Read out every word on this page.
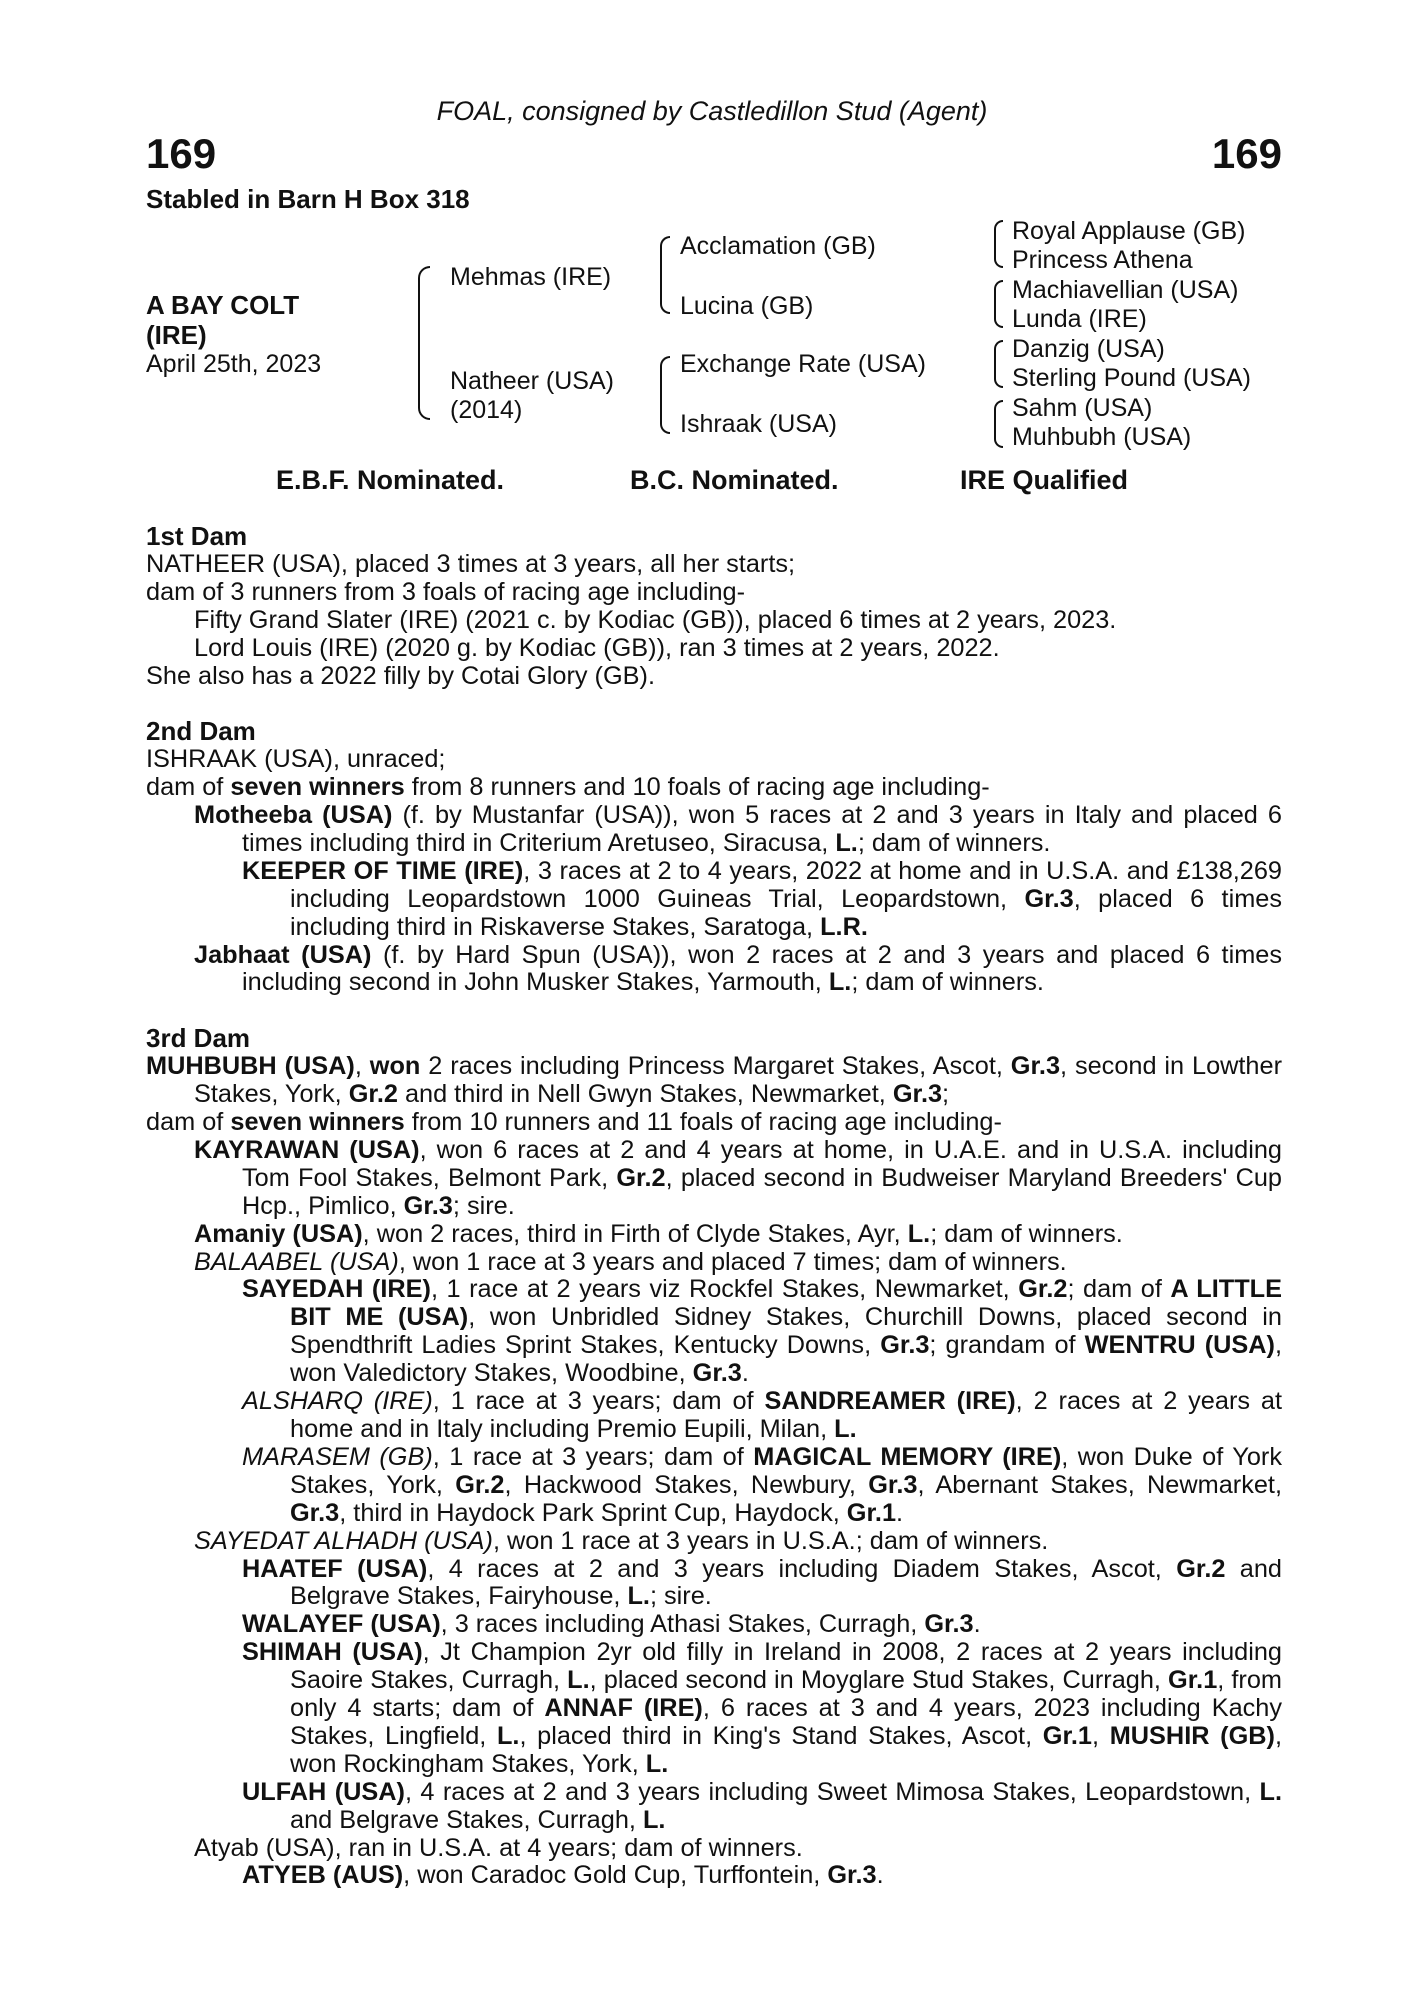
FOAL, consigned by Castledillon Stud (Agent)
169	169
Stabled in Barn H Box 318
A BAY COLT
(IRE)
April 25th, 2023
Mehmas (IRE)
Natheer (USA)
(2014)
Acclamation (GB)
Lucina (GB)
Exchange Rate (USA)
Ishraak (USA)
Royal Applause (GB)
Princess Athena
Machiavellian (USA)
Lunda (IRE)
Danzig (USA)
Sterling Pound (USA)
Sahm (USA)
Muhbubh (USA)
E.B.F. Nominated.	B.C. Nominated.	IRE Qualified

1st Dam

NATHEER (USA), placed 3 times at 3 years, all her starts;

dam of 3 runners from 3 foals of racing age including-

Fifty Grand Slater (IRE) (2021 c. by Kodiac (GB)), placed 6 times at 2 years, 2023.

Lord Louis (IRE) (2020 g. by Kodiac (GB)), ran 3 times at 2 years, 2022.

She also has a 2022 filly by Cotai Glory (GB).

2nd Dam

ISHRAAK (USA), unraced;

dam of seven winners from 8 runners and 10 foals of racing age including-

Motheeba (USA) (f. by Mustanfar (USA)), won 5 races at 2 and 3 years in Italy and placed 6 times including third in Criterium Aretuseo, Siracusa, L.; dam of winners.

KEEPER OF TIME (IRE), 3 races at 2 to 4 years, 2022 at home and in U.S.A. and £138,269 including Leopardstown 1000 Guineas Trial, Leopardstown, Gr.3, placed 6 times including third in Riskaverse Stakes, Saratoga, L.R.

Jabhaat (USA) (f. by Hard Spun (USA)), won 2 races at 2 and 3 years and placed 6 times including second in John Musker Stakes, Yarmouth, L.; dam of winners.

3rd Dam

MUHBUBH (USA), won 2 races including Princess Margaret Stakes, Ascot, Gr.3, second in Lowther Stakes, York, Gr.2 and third in Nell Gwyn Stakes, Newmarket, Gr.3;

dam of seven winners from 10 runners and 11 foals of racing age including-

KAYRAWAN (USA), won 6 races at 2 and 4 years at home, in U.A.E. and in U.S.A. including Tom Fool Stakes, Belmont Park, Gr.2, placed second in Budweiser Maryland Breeders' Cup Hcp., Pimlico, Gr.3; sire.

Amaniy (USA), won 2 races, third in Firth of Clyde Stakes, Ayr, L.; dam of winners.

BALAABEL (USA), won 1 race at 3 years and placed 7 times; dam of winners.

SAYEDAH (IRE), 1 race at 2 years viz Rockfel Stakes, Newmarket, Gr.2; dam of A LITTLE BIT ME (USA), won Unbridled Sidney Stakes, Churchill Downs, placed second in Spendthrift Ladies Sprint Stakes, Kentucky Downs, Gr.3; grandam of WENTRU (USA), won Valedictory Stakes, Woodbine, Gr.3.

ALSHARQ (IRE), 1 race at 3 years; dam of SANDREAMER (IRE), 2 races at 2 years at home and in Italy including Premio Eupili, Milan, L.

MARASEM (GB), 1 race at 3 years; dam of MAGICAL MEMORY (IRE), won Duke of York Stakes, York, Gr.2, Hackwood Stakes, Newbury, Gr.3, Abernant Stakes, Newmarket, Gr.3, third in Haydock Park Sprint Cup, Haydock, Gr.1.

SAYEDAT ALHADH (USA), won 1 race at 3 years in U.S.A.; dam of winners.

HAATEF (USA), 4 races at 2 and 3 years including Diadem Stakes, Ascot, Gr.2 and Belgrave Stakes, Fairyhouse, L.; sire.

WALAYEF (USA), 3 races including Athasi Stakes, Curragh, Gr.3.

SHIMAH (USA), Jt Champion 2yr old filly in Ireland in 2008, 2 races at 2 years including Saoire Stakes, Curragh, L., placed second in Moyglare Stud Stakes, Curragh, Gr.1, from only 4 starts; dam of ANNAF (IRE), 6 races at 3 and 4 years, 2023 including Kachy Stakes, Lingfield, L., placed third in King's Stand Stakes, Ascot, Gr.1, MUSHIR (GB), won Rockingham Stakes, York, L.

ULFAH (USA), 4 races at 2 and 3 years including Sweet Mimosa Stakes, Leopardstown, L. and Belgrave Stakes, Curragh, L.

Atyab (USA), ran in U.S.A. at 4 years; dam of winners.

ATYEB (AUS), won Caradoc Gold Cup, Turffontein, Gr.3.
